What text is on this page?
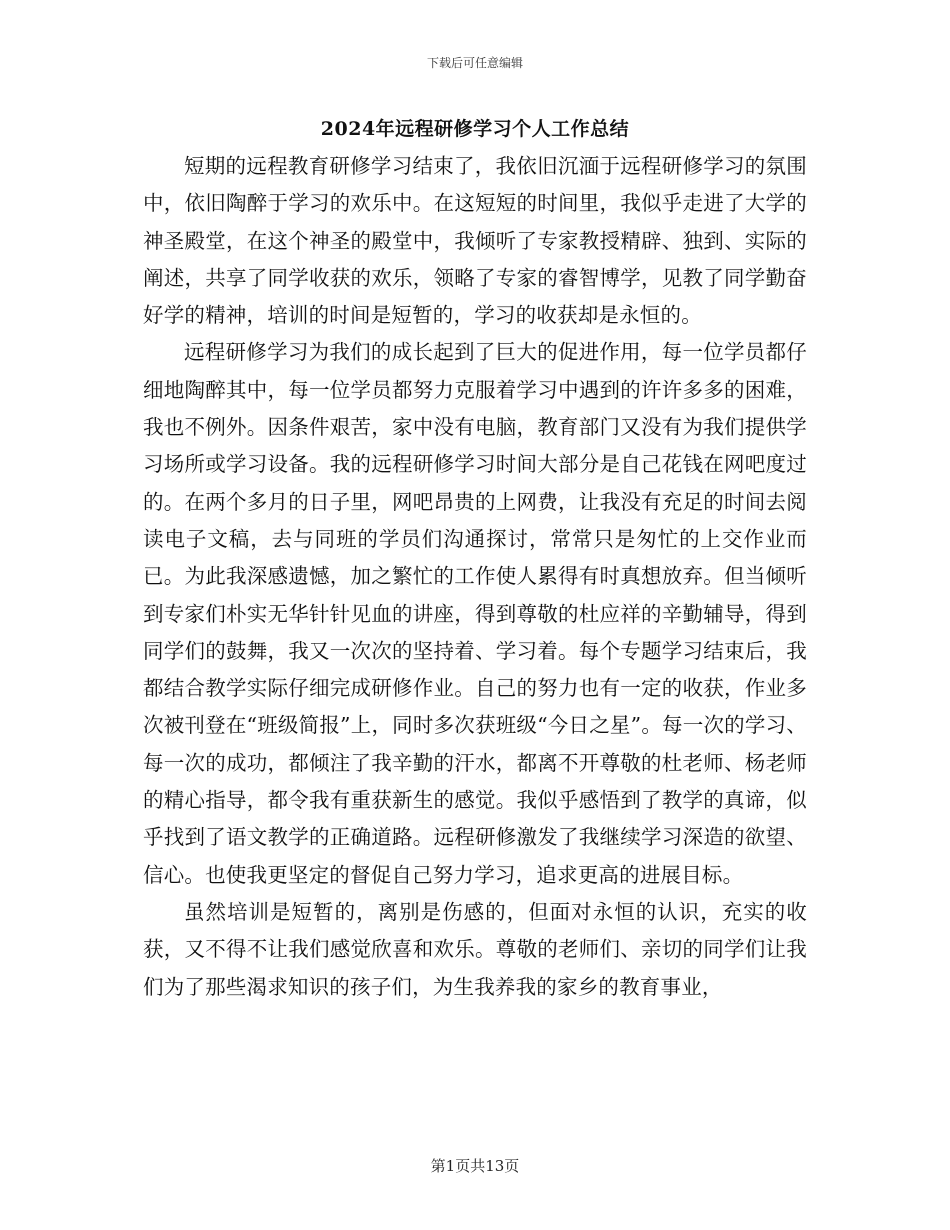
下载后可任意编辑
2024年远程研修学习个人工作总结

短期的远程教育研修学习结束了，我依旧沉湎于远程研修学习的氛围中，依旧陶醉于学习的欢乐中。在这短短的时间里，我似乎走进了大学的神圣殿堂，在这个神圣的殿堂中，我倾听了专家教授精辟、独到、实际的阐述，共享了同学收获的欢乐，领略了专家的睿智博学，见教了同学勤奋好学的精神，培训的时间是短暂的，学习的收获却是永恒的。

远程研修学习为我们的成长起到了巨大的促进作用，每一位学员都仔细地陶醉其中，每一位学员都努力克服着学习中遇到的许许多多的困难，我也不例外。因条件艰苦，家中没有电脑，教育部门又没有为我们提供学习场所或学习设备。我的远程研修学习时间大部分是自己花钱在网吧度过的。在两个多月的日子里，网吧昂贵的上网费，让我没有充足的时间去阅读电子文稿，去与同班的学员们沟通探讨，常常只是匆忙的上交作业而已。为此我深感遗憾，加之繁忙的工作使人累得有时真想放弃。但当倾听到专家们朴实无华针针见血的讲座，得到尊敬的杜应祥的辛勤辅导，得到同学们的鼓舞，我又一次次的坚持着、学习着。每个专题学习结束后，我都结合教学实际仔细完成研修作业。自己的努力也有一定的收获，作业多次被刊登在“班级简报”上，同时多次获班级“今日之星”。每一次的学习、每一次的成功，都倾注了我辛勤的汗水，都离不开尊敬的杜老师、杨老师的精心指导，都令我有重获新生的感觉。我似乎感悟到了教学的真谛，似乎找到了语文教学的正确道路。远程研修激发了我继续学习深造的欲望、信心。也使我更坚定的督促自己努力学习，追求更高的进展目标。

虽然培训是短暂的，离别是伤感的，但面对永恒的认识，充实的收获，又不得不让我们感觉欣喜和欢乐。尊敬的老师们、亲切的同学们让我们为了那些渴求知识的孩子们，为生我养我的家乡的教育事业，

第1页共13页
